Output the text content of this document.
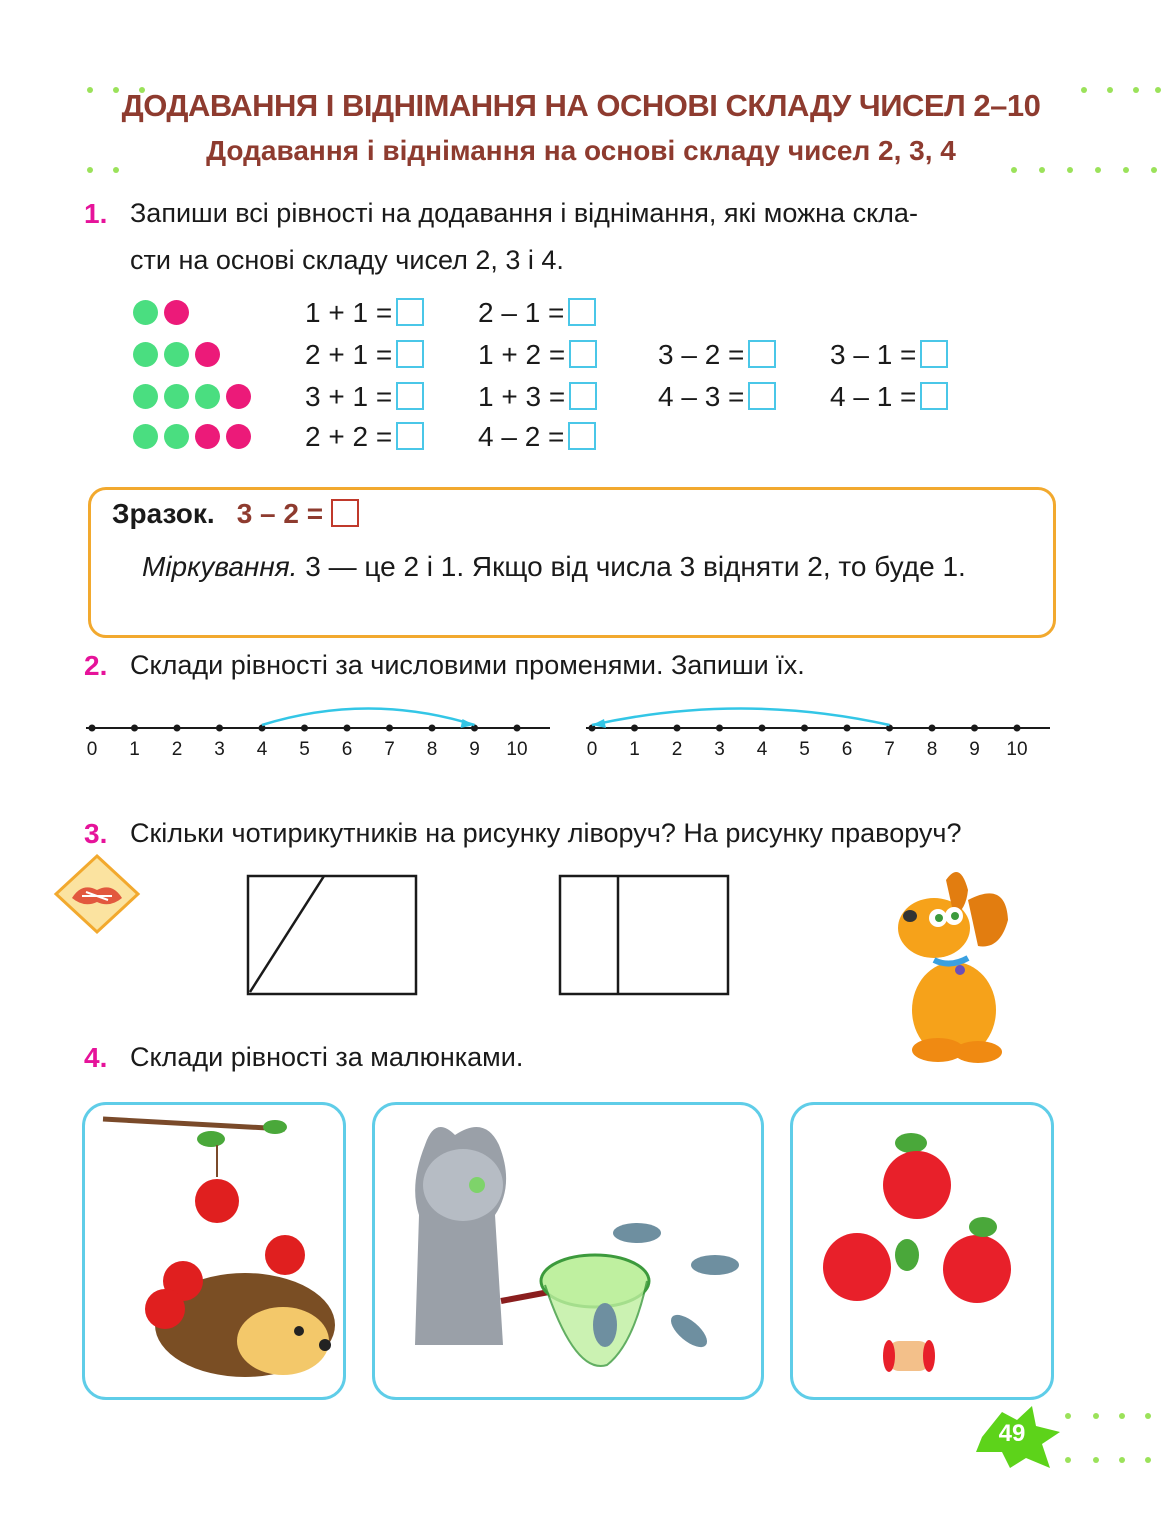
ДОДАВАННЯ І ВІДНІМАННЯ НА ОСНОВІ СКЛАДУ ЧИСЕЛ 2–10
Додавання і віднімання на основі складу чисел 2, 3, 4
1. Запиши всі рівності на додавання і віднімання, які можна скла-
сти на основі складу чисел 2, 3 і 4.
1 + 1 =	2 – 1 =
2 + 1 =	1 + 2 =	3 – 2 =	3 – 1 =
3 + 1 =	1 + 3 =	4 – 3 =	4 – 1 =
2 + 2 =	4 – 2 =
Зразок. 3 – 2 =
Міркування. 3 — це 2 і 1. Якщо від числа 3 відняти 2, то буде 1.
2. Склади рівності за числовими променями. Запиши їх.
0 1 2 3 4 5 6 7 8 9 10	0 1 2 3 4 5 6 7 8 9 10
3. Скільки чотирикутників на рисунку ліворуч? На рисунку праворуч?
4. Склади рівності за малюнками.
49
